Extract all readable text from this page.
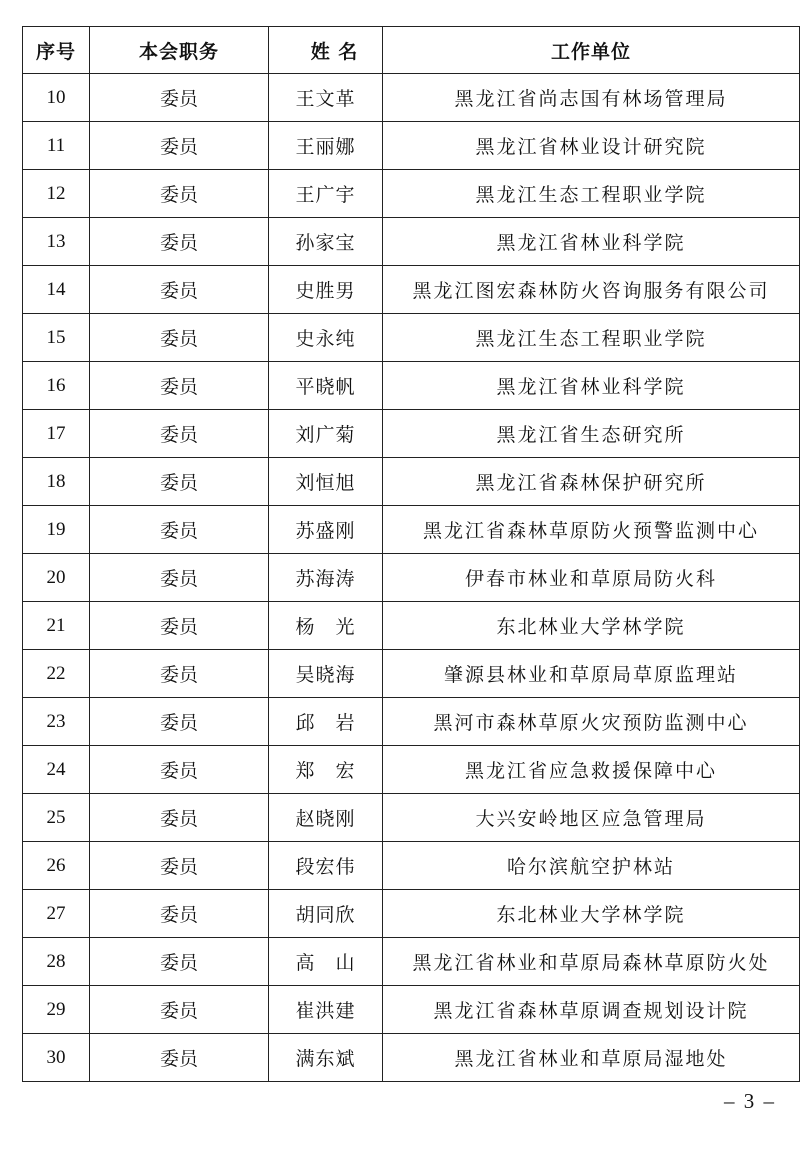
序号	本会职务	姓 名	工作单位
10	委员	王文革	黑龙江省尚志国有林场管理局
11	委员	王丽娜	黑龙江省林业设计研究院
12	委员	王广宇	黑龙江生态工程职业学院
13	委员	孙家宝	黑龙江省林业科学院
14	委员	史胜男	黑龙江图宏森林防火咨询服务有限公司
15	委员	史永纯	黑龙江生态工程职业学院
16	委员	平晓帆	黑龙江省林业科学院
17	委员	刘广菊	黑龙江省生态研究所
18	委员	刘恒旭	黑龙江省森林保护研究所
19	委员	苏盛刚	黑龙江省森林草原防火预警监测中心
20	委员	苏海涛	伊春市林业和草原局防火科
21	委员	杨　光	东北林业大学林学院
22	委员	吴晓海	肇源县林业和草原局草原监理站
23	委员	邱　岩	黑河市森林草原火灾预防监测中心
24	委员	郑　宏	黑龙江省应急救援保障中心
25	委员	赵晓刚	大兴安岭地区应急管理局
26	委员	段宏伟	哈尔滨航空护林站
27	委员	胡同欣	东北林业大学林学院
28	委员	高　山	黑龙江省林业和草原局森林草原防火处
29	委员	崔洪建	黑龙江省森林草原调查规划设计院
30	委员	满东斌	黑龙江省林业和草原局湿地处
– 3 –
